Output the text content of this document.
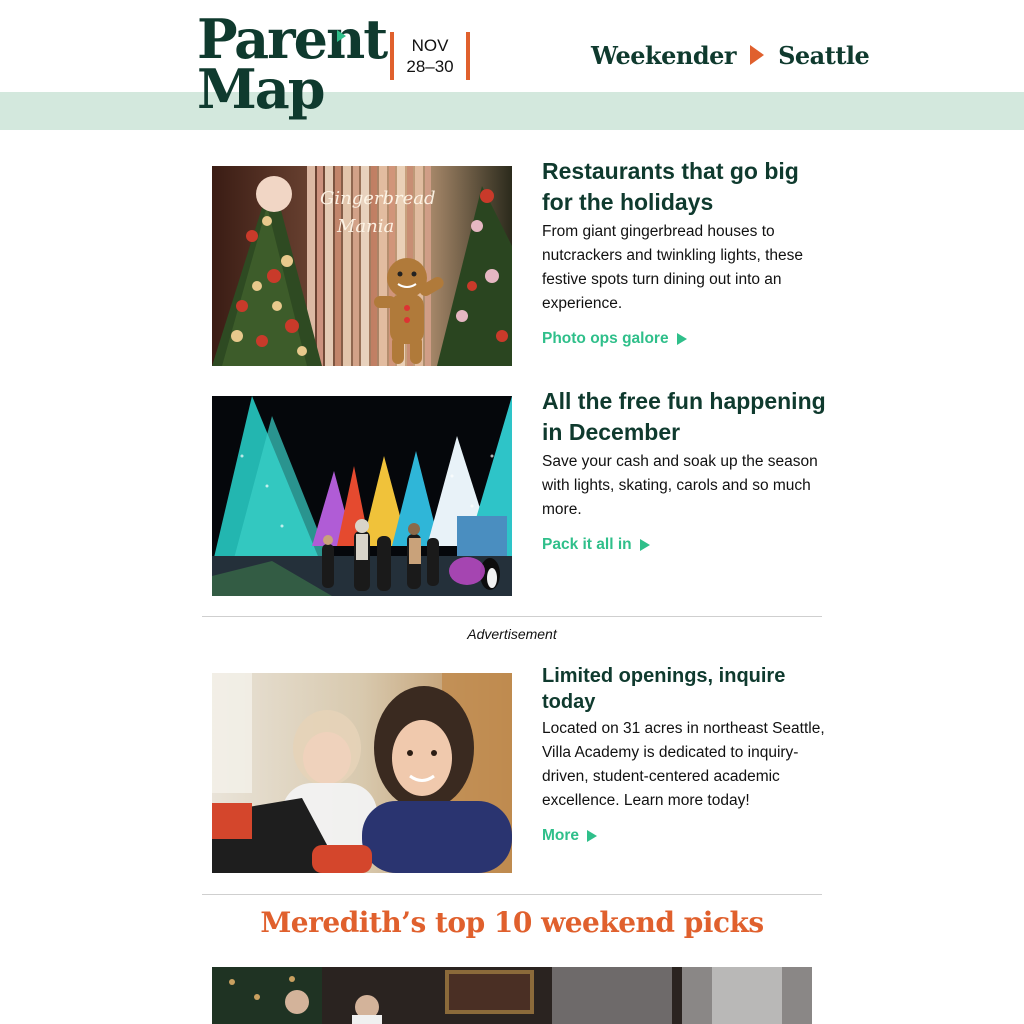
Parent
Map
NOV
28–30	Weekender Seattle
Gingerbread
Mania
Restaurants that go big for the holidays

From giant gingerbread houses to nutcrackers and twinkling lights, these festive spots turn dining out into an experience.

Photo ops galore
All the free fun happening in December

Save your cash and soak up the season with lights, skating, carols and so much more.

Pack it all in
Advertisement
Limited openings, inquire today

Located on 31 acres in northeast Seattle, Villa Academy is dedicated to inquiry-driven, student-centered academic excellence. Learn more today!

More
Meredith’s top 10 weekend picks
